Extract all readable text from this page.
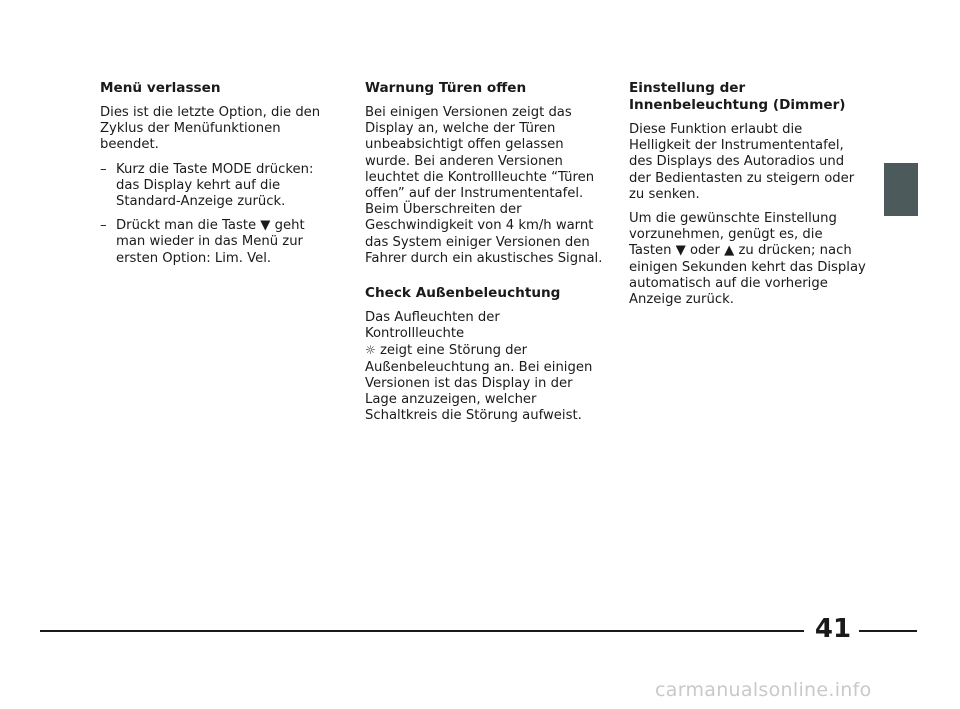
Menü verlassen

Dies ist die letzte Option, die den Zyklus der Menüfunktionen beendet.

– Kurz die Taste MODE drücken: das Display kehrt auf die Standard-Anzeige zurück.
– Drückt man die Taste ▼ geht man wieder in das Menü zur ersten Option: Lim. Vel.
Warnung Türen offen

Bei einigen Versionen zeigt das Display an, welche der Türen unbeabsichtigt offen gelassen wurde. Bei anderen Versionen leuchtet die Kontrollleuchte “Türen offen” auf der Instrumententafel. Beim Überschreiten der Geschwindigkeit von 4 km/h warnt das System einiger Versionen den Fahrer durch ein akustisches Signal.

Check Außenbeleuchtung

Das Aufleuchten der Kontrollleuchte
☼ zeigt eine Störung der Außenbeleuchtung an. Bei einigen Versionen ist das Display in der Lage anzuzeigen, welcher Schaltkreis die Störung aufweist.

Einstellung der Innenbeleuchtung (Dimmer)

Diese Funktion erlaubt die Helligkeit der Instrumententafel, des Displays des Autoradios und der Bedientasten zu steigern oder zu senken.

Um die gewünschte Einstellung vorzunehmen, genügt es, die Tasten ▼ oder ▲ zu drücken; nach einigen Sekunden kehrt das Display automatisch auf die vorherige Anzeige zurück.

41
carmanualsonline.info
